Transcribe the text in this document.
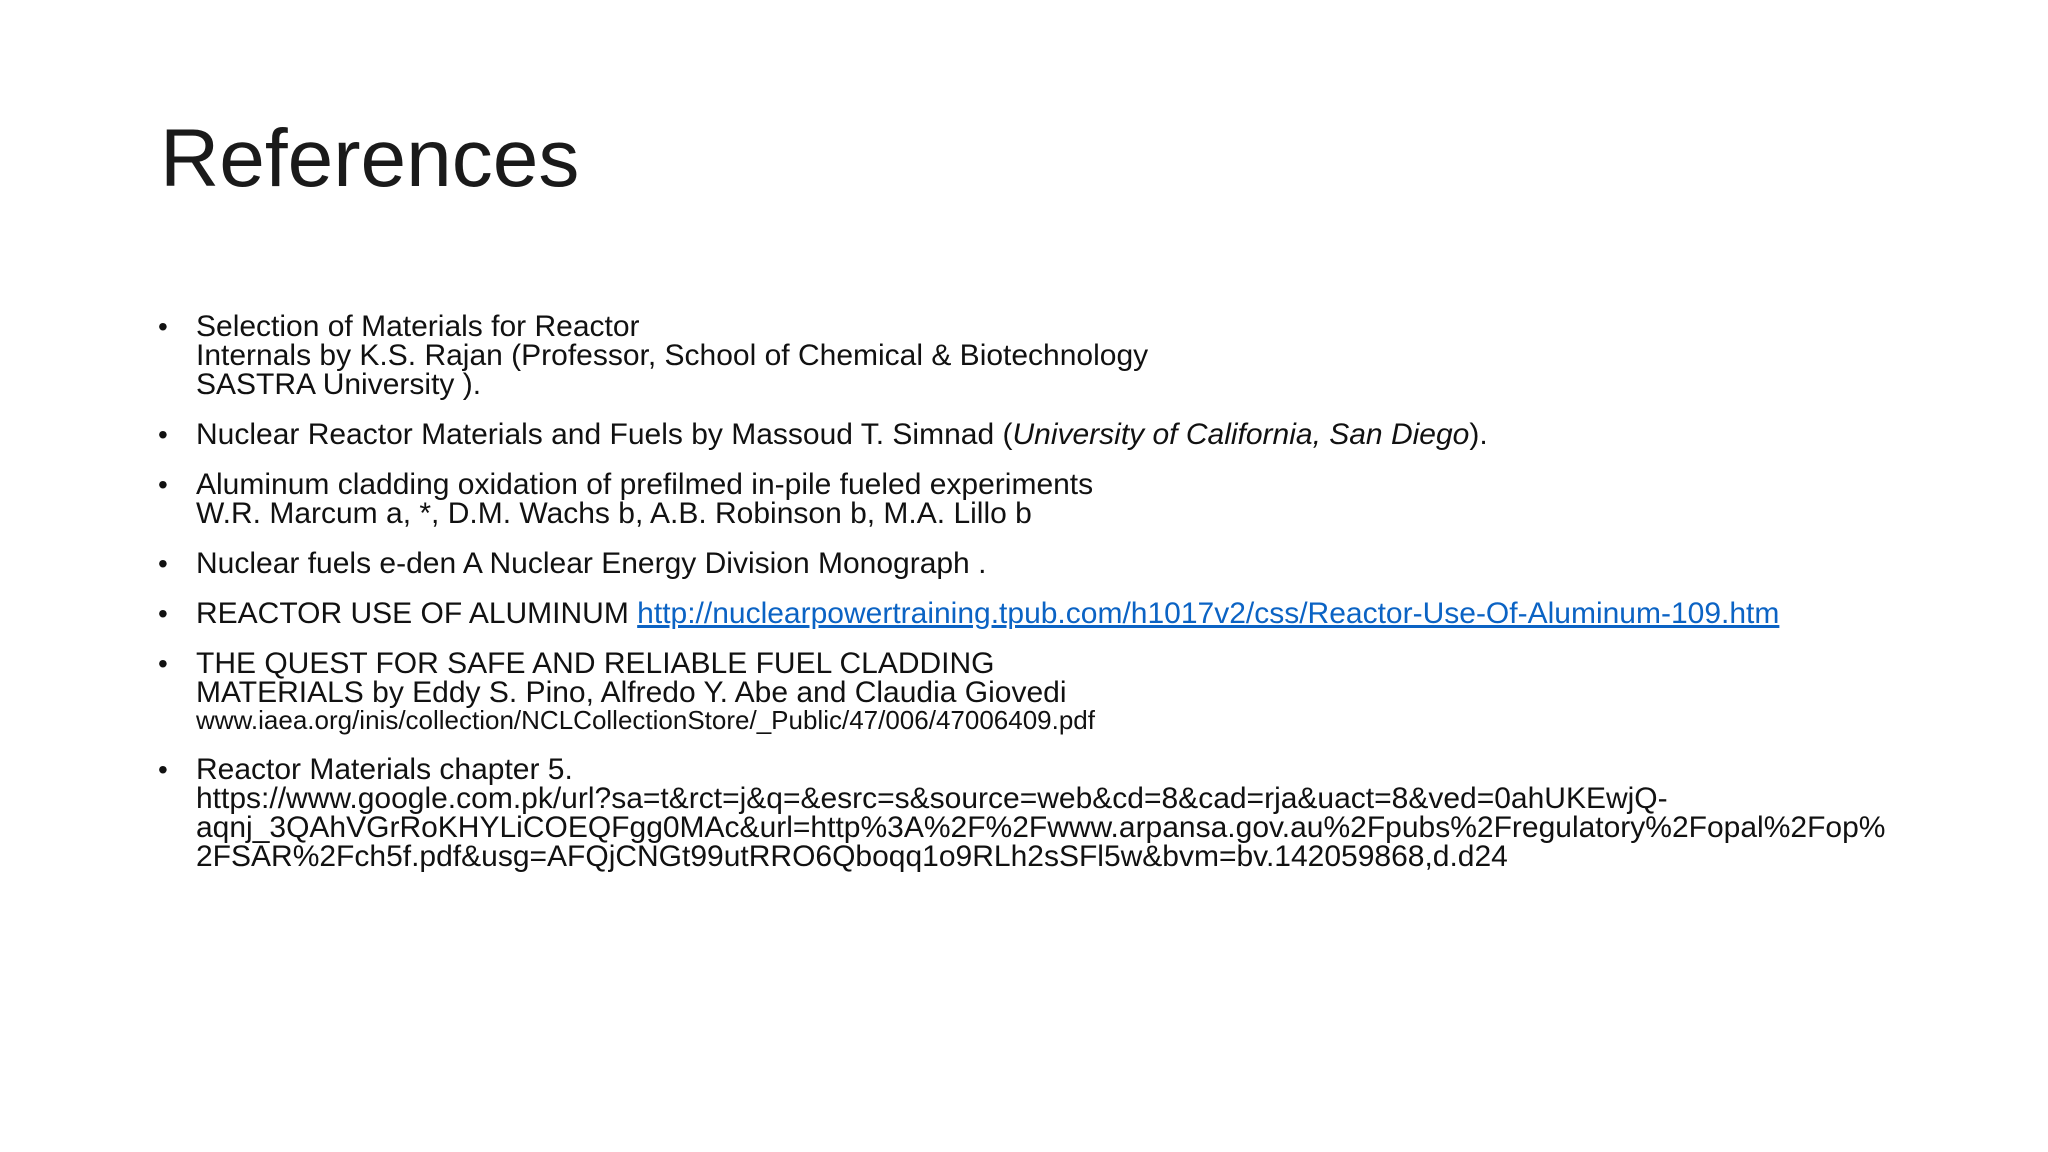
References
• Selection of Materials for Reactor
Internals by K.S. Rajan (Professor, School of Chemical & Biotechnology
SASTRA University ).
• Nuclear Reactor Materials and Fuels by Massoud T. Simnad (University of California, San Diego).
• Aluminum cladding oxidation of prefilmed in-pile fueled experiments
W.R. Marcum a, *, D.M. Wachs b, A.B. Robinson b, M.A. Lillo b
• Nuclear fuels e-den A Nuclear Energy Division Monograph .
• REACTOR USE OF ALUMINUM http://nuclearpowertraining.tpub.com/h1017v2/css/Reactor-Use-Of-Aluminum-109.htm
• THE QUEST FOR SAFE AND RELIABLE FUEL CLADDING
MATERIALS by Eddy S. Pino, Alfredo Y. Abe and Claudia Giovedi
www.iaea.org/inis/collection/NCLCollectionStore/_Public/47/006/47006409.pdf
• Reactor Materials chapter 5.
https://www.google.com.pk/url?sa=t&rct=j&q=&esrc=s&source=web&cd=8&cad=rja&uact=8&ved=0ahUKEwjQ-
aqnj_3QAhVGrRoKHYLiCOEQFgg0MAc&url=http%3A%2F%2Fwww.arpansa.gov.au%2Fpubs%2Fregulatory%2Fopal%2Fop%
2FSAR%2Fch5f.pdf&usg=AFQjCNGt99utRRO6Qboqq1o9RLh2sSFl5w&bvm=bv.142059868,d.d24
